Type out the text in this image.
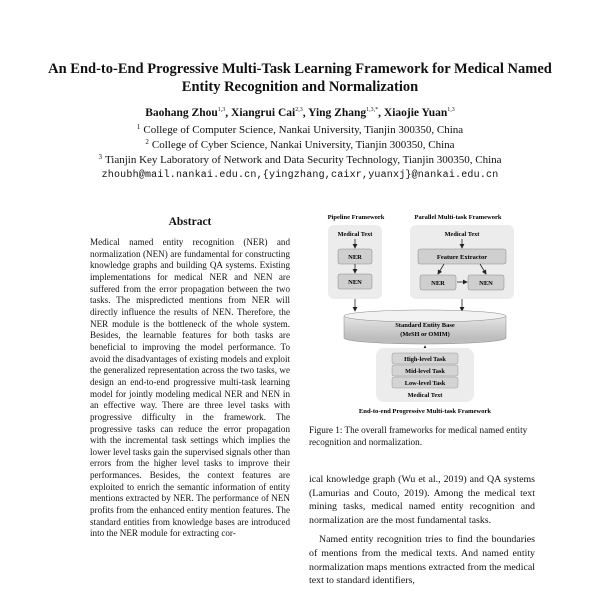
An End-to-End Progressive Multi-Task Learning Framework for Medical Named Entity Recognition and Normalization
Baohang Zhou$^{1,3}$, Xiangrui Cai$^{2,3}$, Ying Zhang$^{1,3,*}$, Xiaojie Yuan$^{1,3}$
$^1$ College of Computer Science, Nankai University, Tianjin 300350, China
$^2$ College of Cyber Science, Nankai University, Tianjin 300350, China
$^3$ Tianjin Key Laboratory of Network and Data Security Technology, Tianjin 300350, China
zhoubh@mail.nankai.edu.cn,{yingzhang,caixr,yuanxj}@nankai.edu.cn
Abstract
Medical named entity recognition (NER) and normalization (NEN) are fundamental for constructing knowledge graphs and building QA systems. Existing implementations for medical NER and NEN are suffered from the error propagation between the two tasks. The mispredicted mentions from NER will directly influence the results of NEN. Therefore, the NER module is the bottleneck of the whole system. Besides, the learnable features for both tasks are beneficial to improving the model performance. To avoid the disadvantages of existing models and exploit the generalized representation across the two tasks, we design an end-to-end progressive multi-task learning model for jointly modeling medical NER and NEN in an effective way. There are three level tasks with progressive difficulty in the framework. The progressive tasks can reduce the error propagation with the incremental task settings which implies the lower level tasks gain the supervised signals other than errors from the higher level tasks to improve their performances. Besides, the context features are exploited to enrich the semantic information of entity mentions extracted by NER. The performance of NEN profits from the enhanced entity mention features. The standard entities from knowledge bases are introduced into the NER module for extracting cor-
Pipeline Framework	Parallel Multi-task Framework
Medical Text
NER
NEN
Medical Text
Feature Extractor
NER	NEN
Standard Entity Base
(MeSH or OMIM)
High-level Task
Mid-level Task
Low-level Task
Medical Text
End-to-end Progressive Multi-task Framework
Figure 1: The overall frameworks for medical named entity recognition and normalization.

ical knowledge graph (Wu et al., 2019) and QA systems (Lamurias and Couto, 2019). Among the medical text mining tasks, medical named entity recognition and normalization are the most fundamental tasks.

Named entity recognition tries to find the boundaries of mentions from the medical texts. And named entity normalization maps mentions extracted from the medical text to standard identifiers,
